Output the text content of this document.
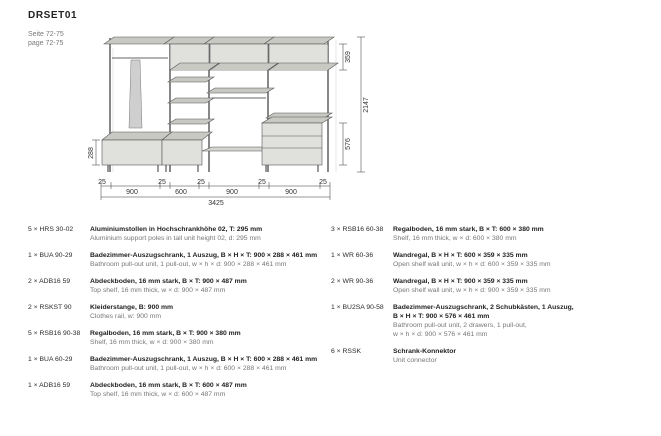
DRSET01
Seite 72-75
page 72-75
25
900
25
600
25
900
25
900
25
3425
359
2147
576
288
5 × HRS 30-02	Aluminiumstollen in Hochschrankhöhe 02, T: 295 mm
Aluminium support poles in tall unit height 02, d: 295 mm
1 × BUA 90-29	Badezimmer-Auszugschrank, 1 Auszug, B × H × T: 900 × 288 × 461 mm
Bathroom pull-out unit, 1 pull-out, w × h × d: 900 × 288 × 461 mm
2 × ADB16 59	Abdeckboden, 16 mm stark, B × T: 900 × 487 mm
Top shelf, 16 mm thick, w × d: 900 × 487 mm
2 × RSKST 90	Kleiderstange, B: 900 mm
Clothes rail, w: 900 mm
5 × RSB16 90-38	Regalboden, 16 mm stark, B × T: 900 × 380 mm
Shelf, 16 mm thick, w × d: 900 × 380 mm
1 × BUA 60-29	Badezimmer-Auszugschrank, 1 Auszug, B × H × T: 600 × 288 × 461 mm
Bathroom pull-out unit, 1 pull-out, w × h × d: 600 × 288 × 461 mm
1 × ADB16 59	Abdeckboden, 16 mm stark, B × T: 600 × 487 mm
Top shelf, 16 mm thick, w × d: 600 × 487 mm
3 × RSB16 60-38	Regalboden, 16 mm stark, B × T: 600 × 380 mm
Shelf, 16 mm thick, w × d: 600 × 380 mm
1 × WR 60-36	Wandregal, B × H × T: 600 × 359 × 335 mm
Open shelf wall unit, w × h × d: 600 × 359 × 335 mm
2 × WR 90-36	Wandregal, B × H × T: 900 × 359 × 335 mm
Open shelf wall unit, w × h × d: 900 × 359 × 335 mm
1 × BU2SA 90-58	Badezimmer-Auszugschrank, 2 Schubkästen, 1 Auszug,
B × H × T: 900 × 576 × 461 mm
Bathroom pull-out unit, 2 drawers, 1 pull-out,
w × h × d: 900 × 576 × 461 mm
6 × RSSK	Schrank-Konnektor
Unit connector
